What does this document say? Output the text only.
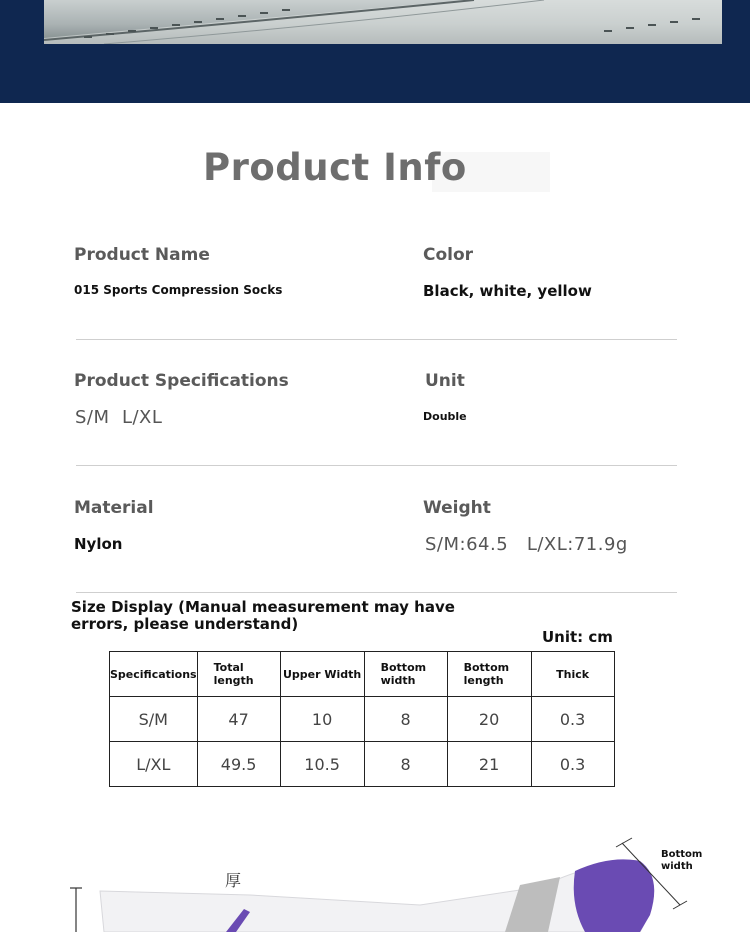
Product Info
Product Name
015 Sports Compression Socks
Color
Black, white, yellow
Product Specifications
S/M  L/XL
Unit
Double
Material
Nylon
Weight
S/M:64.5   L/XL:71.9g
Size Display (Manual measurement may have errors, please understand)
Unit: cm
Specifications	Total length	Upper Width	Bottom width	Bottom length	Thick
S/M	47	10	8	20	0.3
L/XL	49.5	10.5	8	21	0.3
厚
Bottom width
